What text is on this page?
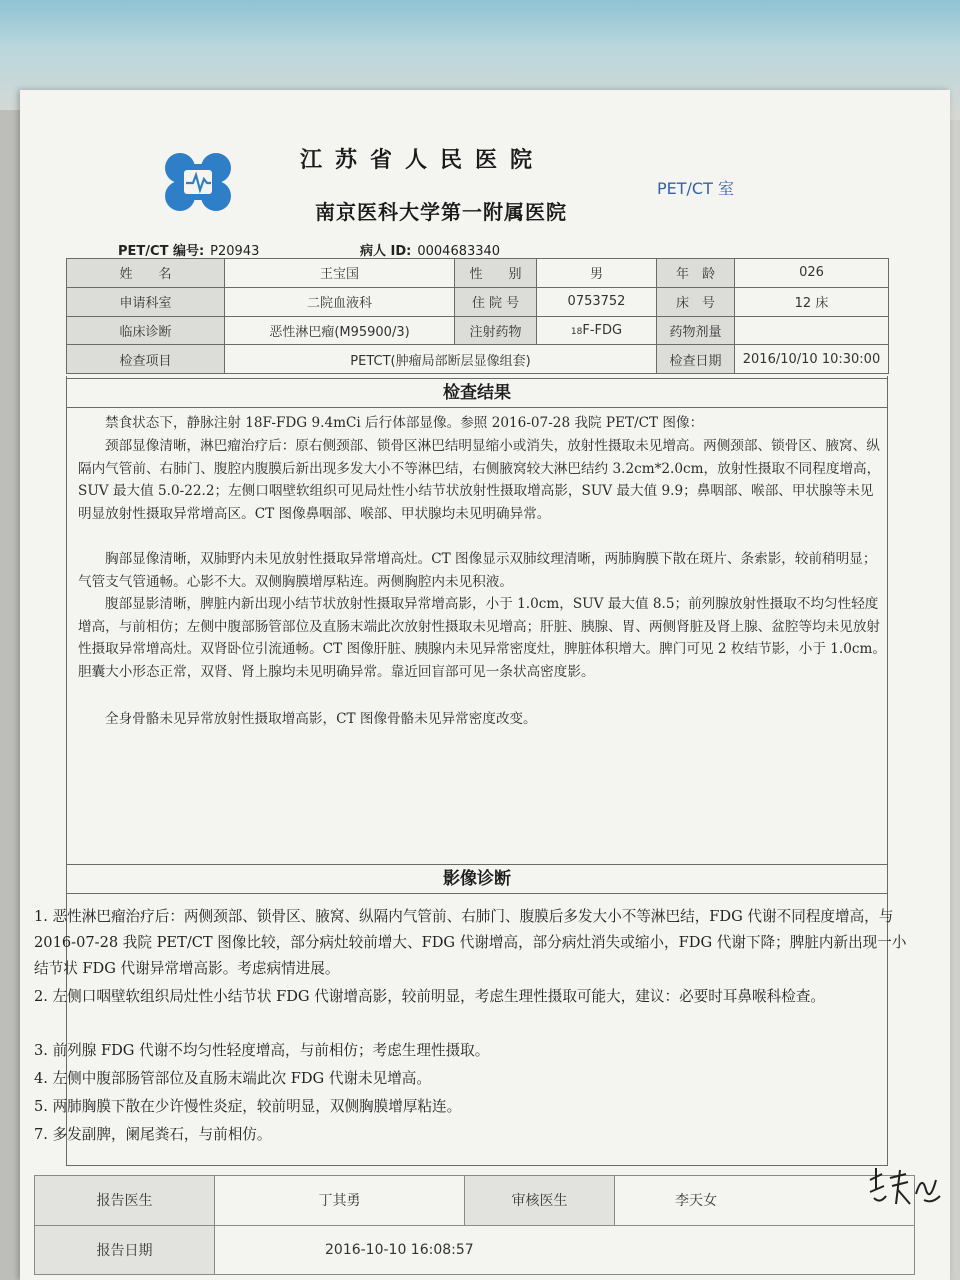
江苏省人民医院
南京医科大学第一附属医院
PET/CT 室
PET/CT 编号: P20943	病人 ID: 0004683340
姓　　名	王宝国	性　　别	男	年　龄	026
申请科室	二院血液科	住 院 号	0753752	床　号	12 床
临床诊断	恶性淋巴瘤(M95900/3)	注射药物	18F-FDG	药物剂量	
检查项目	PETCT(肿瘤局部断层显像组套)			检查日期	2016/10/10 10:30:00
检查结果

禁食状态下，静脉注射 18F-FDG 9.4mCi 后行体部显像。参照 2016-07-28 我院 PET/CT 图像：

颈部显像清晰，淋巴瘤治疗后：原右侧颈部、锁骨区淋巴结明显缩小或消失，放射性摄取未见增高。两侧颈部、锁骨区、腋窝、纵隔内气管前、右肺门、腹腔内腹膜后新出现多发大小不等淋巴结，右侧腋窝较大淋巴结约 3.2cm*2.0cm，放射性摄取不同程度增高，SUV 最大值 5.0-22.2；左侧口咽壁软组织可见局灶性小结节状放射性摄取增高影，SUV 最大值 9.9；鼻咽部、喉部、甲状腺等未见明显放射性摄取异常增高区。CT 图像鼻咽部、喉部、甲状腺均未见明确异常。

胸部显像清晰，双肺野内未见放射性摄取异常增高灶。CT 图像显示双肺纹理清晰，两肺胸膜下散在斑片、条索影，较前稍明显；气管支气管通畅。心影不大。双侧胸膜增厚粘连。两侧胸腔内未见积液。

腹部显影清晰，脾脏内新出现小结节状放射性摄取异常增高影，小于 1.0cm，SUV 最大值 8.5；前列腺放射性摄取不均匀性轻度增高，与前相仿；左侧中腹部肠管部位及直肠末端此次放射性摄取未见增高；肝脏、胰腺、胃、两侧肾脏及肾上腺、盆腔等均未见放射性摄取异常增高灶。双肾卧位引流通畅。CT 图像肝脏、胰腺内未见异常密度灶，脾脏体积增大。脾门可见 2 枚结节影，小于 1.0cm。胆囊大小形态正常，双肾、肾上腺均未见明确异常。靠近回盲部可见一条状高密度影。

全身骨骼未见异常放射性摄取增高影，CT 图像骨骼未见异常密度改变。

影像诊断

1. 恶性淋巴瘤治疗后：两侧颈部、锁骨区、腋窝、纵隔内气管前、右肺门、腹膜后多发大小不等淋巴结，FDG 代谢不同程度增高，与 2016-07-28 我院 PET/CT 图像比较，部分病灶较前增大、FDG 代谢增高，部分病灶消失或缩小，FDG 代谢下降；脾脏内新出现一小结节状 FDG 代谢异常增高影。考虑病情进展。

2. 左侧口咽壁软组织局灶性小结节状 FDG 代谢增高影，较前明显，考虑生理性摄取可能大，建议：必要时耳鼻喉科检查。

3. 前列腺 FDG 代谢不均匀性轻度增高，与前相仿；考虑生理性摄取。

4. 左侧中腹部肠管部位及直肠末端此次 FDG 代谢未见增高。

5. 两肺胸膜下散在少许慢性炎症，较前明显，双侧胸膜增厚粘连。

7. 多发副脾，阑尾粪石，与前相仿。

报告医生	丁其勇	审核医生	李天女
报告日期	2016-10-10 16:08:57		
